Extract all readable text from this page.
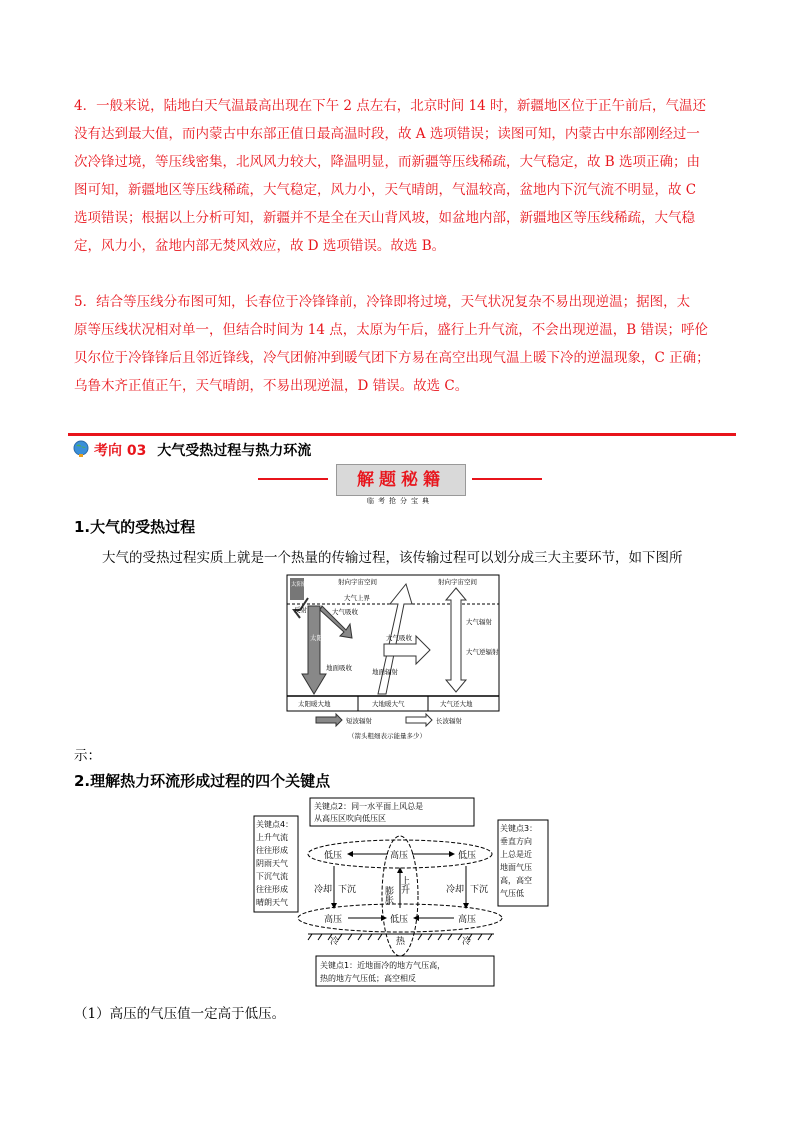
4．一般来说，陆地白天气温最高出现在下午 2 点左右，北京时间 14 时，新疆地区位于正午前后，气温还
没有达到最大值，而内蒙古中东部正值日最高温时段，故 A 选项错误；读图可知，内蒙古中东部刚经过一
次冷锋过境，等压线密集，北风风力较大，降温明显，而新疆等压线稀疏，大气稳定，故 B 选项正确；由
图可知，新疆地区等压线稀疏，大气稳定，风力小，天气晴朗，气温较高，盆地内下沉气流不明显，故 C
选项错误；根据以上分析可知，新疆并不是全在天山背风坡，如盆地内部，新疆地区等压线稀疏，大气稳
定，风力小，盆地内部无焚风效应，故 D 选项错误。故选 B。
5．结合等压线分布图可知，长春位于冷锋锋前，冷锋即将过境，天气状况复杂不易出现逆温；据图，太
原等压线状况相对单一，但结合时间为 14 点，太原为午后，盛行上升气流，不会出现逆温，B 错误；呼伦
贝尔位于冷锋锋后且邻近锋线，冷气团俯冲到暖气团下方易在高空出现气温上暖下冷的逆温现象，C 正确；
乌鲁木齐正值正午，天气晴朗，不易出现逆温，D 错误。故选 C。
考向 03 大气受热过程与热力环流
解题秘籍
临考抢分宝典
1.大气的受热过程
大气的受热过程实质上就是一个热量的传输过程，该传输过程可以划分成三大主要环节，如下图所
太阳辐射	射向宇宙空间	射向宇宙空间
大气上界
反射	大气吸收
太阳辐射
地面吸收
大气吸收
地面辐射
大气辐射
大气逆辐射
太阳暖大地	大地暖大气	大气还大地
短波辐射	长波辐射
（箭头粗细表示能量多少）
示：
2.理解热力环流形成过程的四个关键点
关键点2：同一水平面上风总是
从高压区吹向低压区
关键点4：
上升气流
往往形成
阴雨天气
下沉气流
往往形成
晴朗天气
关键点3：
垂直方向
上总是近
地面气压
高，高空
气压低
低压	高压	低压
冷却 下沉	冷却 下沉
膨胀
上升
高压	低压	高压
冷	热	冷
关键点1：近地面冷的地方气压高，
热的地方气压低；高空相反
（1）高压的气压值一定高于低压。
